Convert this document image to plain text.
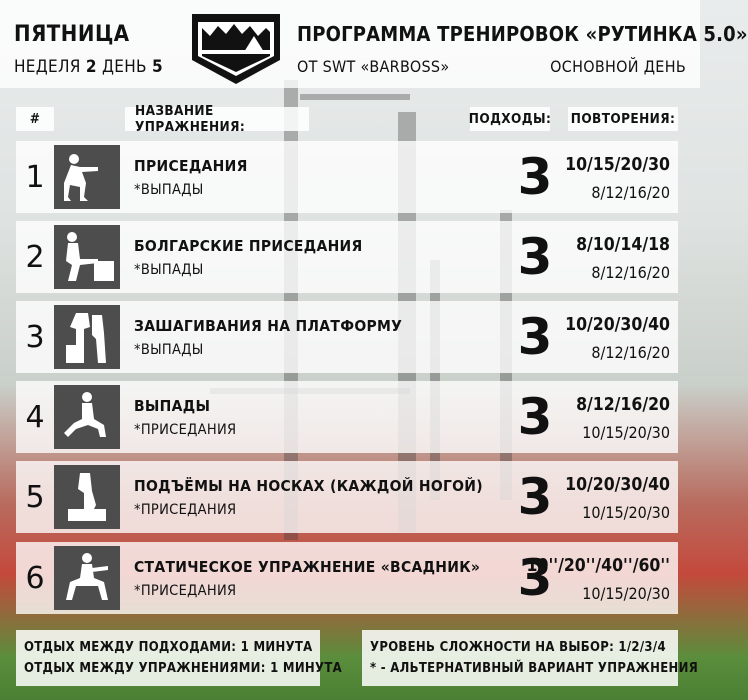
ПЯТНИЦА
НЕДЕЛЯ 2 ДЕНЬ 5
ПРОГРАММА ТРЕНИРОВОК «РУТИНКА 5.0»
ОТ SWT «BARBOSS»	ОСНОВНОЙ ДЕНЬ
#	НАЗВАНИЕ УПРАЖНЕНИЯ:	ПОДХОДЫ: ПОВТОРЕНИЯ:
1	ПРИСЕДАНИЯ
*ВЫПАДЫ	3 10/15/20/30
8/12/16/20
2	БОЛГАРСКИЕ ПРИСЕДАНИЯ
*ВЫПАДЫ	3	8/10/14/18
8/12/16/20
3	ЗАШАГИВАНИЯ НА ПЛАТФОРМУ
*ВЫПАДЫ	3 10/20/30/40
8/12/16/20
4	ВЫПАДЫ
*ПРИСЕДАНИЯ	3	8/12/16/20
10/15/20/30
5	ПОДЪЁМЫ НА НОСКАХ (КАЖДОЙ НОГОЙ)
*ПРИСЕДАНИЯ	3 10/20/30/40
10/15/20/30
6	СТАТИЧЕСКОЕ УПРАЖНЕНИЕ «ВСАДНИК»
*ПРИСЕДАНИЯ	3
10''/20''/40''/60''
10/15/20/30
ОТДЫХ МЕЖДУ ПОДХОДАМИ: 1 МИНУТА
ОТДЫХ МЕЖДУ УПРАЖНЕНИЯМИ: 1 МИНУТА
УРОВЕНЬ СЛОЖНОСТИ НА ВЫБОР: 1/2/3/4
* - АЛЬТЕРНАТИВНЫЙ ВАРИАНТ УПРАЖНЕНИЯ
